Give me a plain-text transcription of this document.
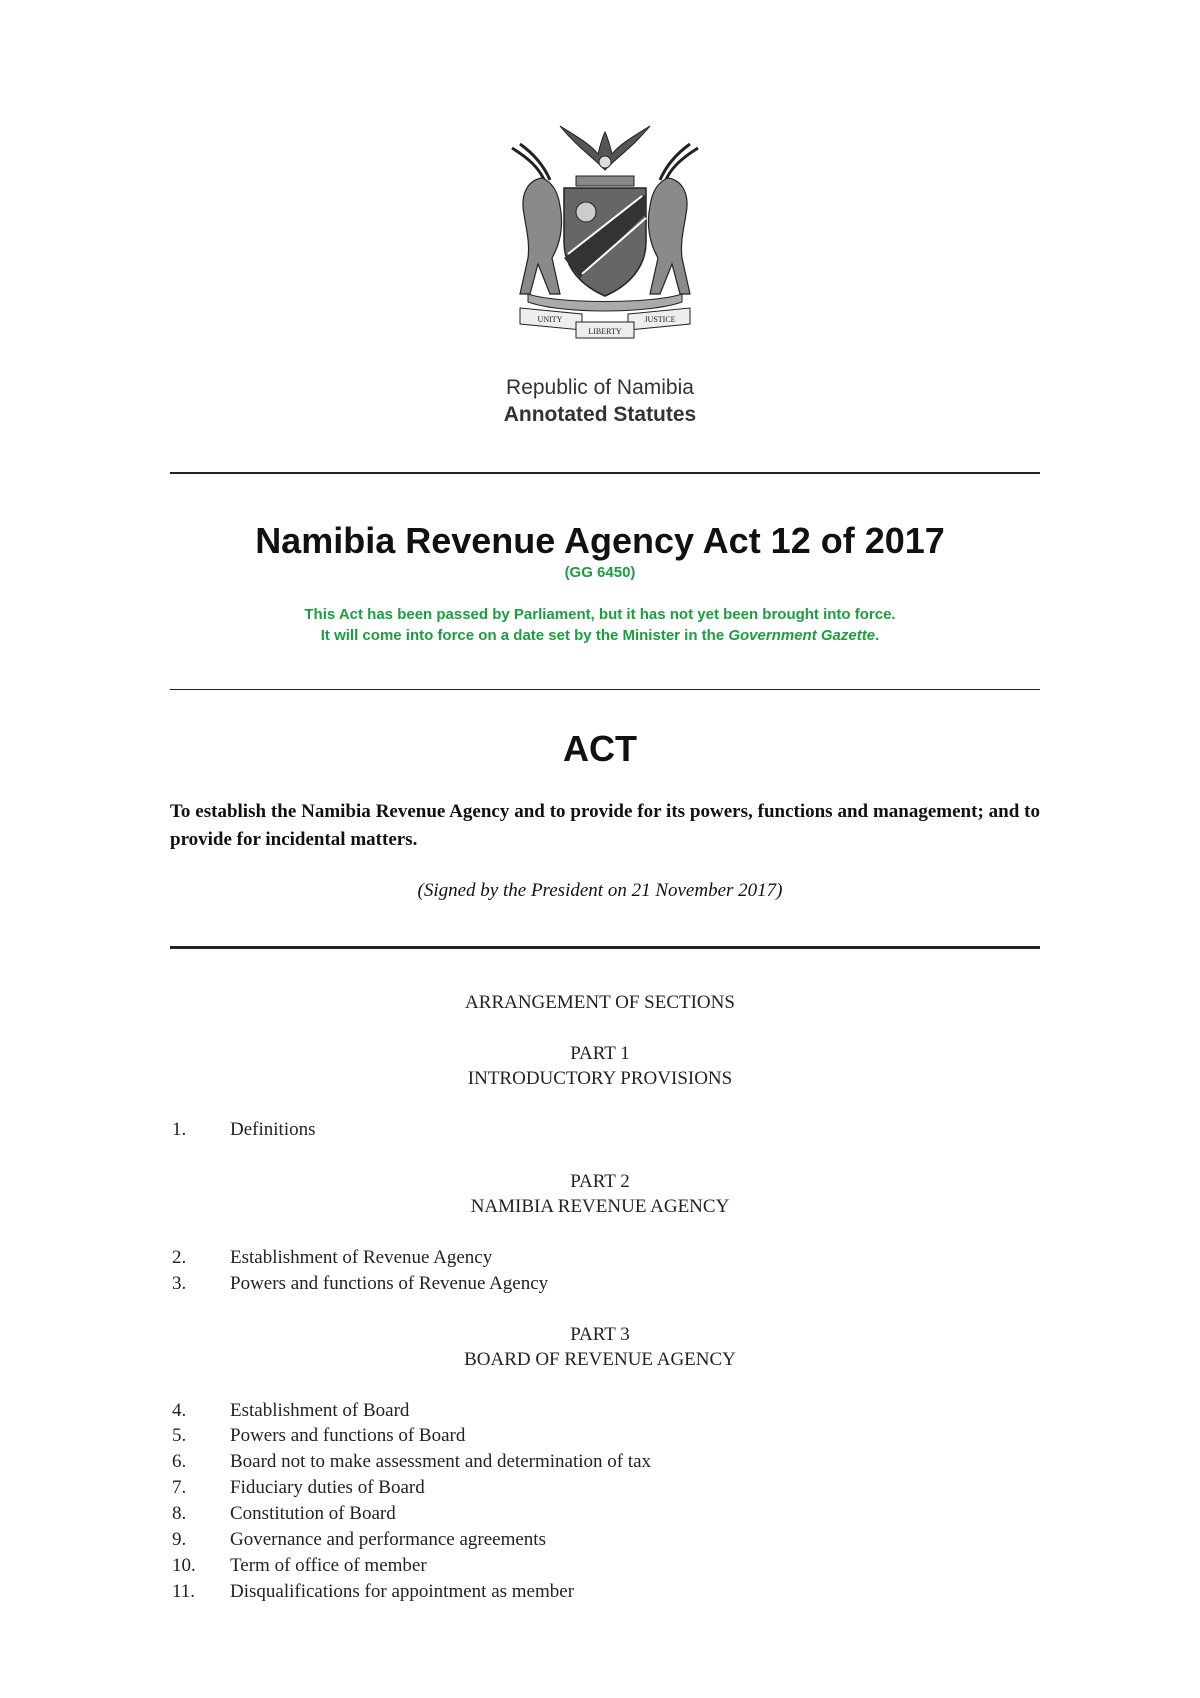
UNITY
LIBERTY
JUSTICE
Republic of Namibia
Annotated Statutes
Namibia Revenue Agency Act 12 of 2017
(GG 6450)
This Act has been passed by Parliament, but it has not yet been brought into force.
It will come into force on a date set by the Minister in the Government Gazette.
ACT
To establish the Namibia Revenue Agency and to provide for its powers, functions and management; and to provide for incidental matters.
(Signed by the President on 21 November 2017)
ARRANGEMENT OF SECTIONS
PART 1
INTRODUCTORY PROVISIONS
1. Definitions
PART 2
NAMIBIA REVENUE AGENCY
2. Establishment of Revenue Agency
3. Powers and functions of Revenue Agency
PART 3
BOARD OF REVENUE AGENCY
4. Establishment of Board
5. Powers and functions of Board
6. Board not to make assessment and determination of tax
7. Fiduciary duties of Board
8. Constitution of Board
9. Governance and performance agreements
10. Term of office of member
11. Disqualifications for appointment as member
